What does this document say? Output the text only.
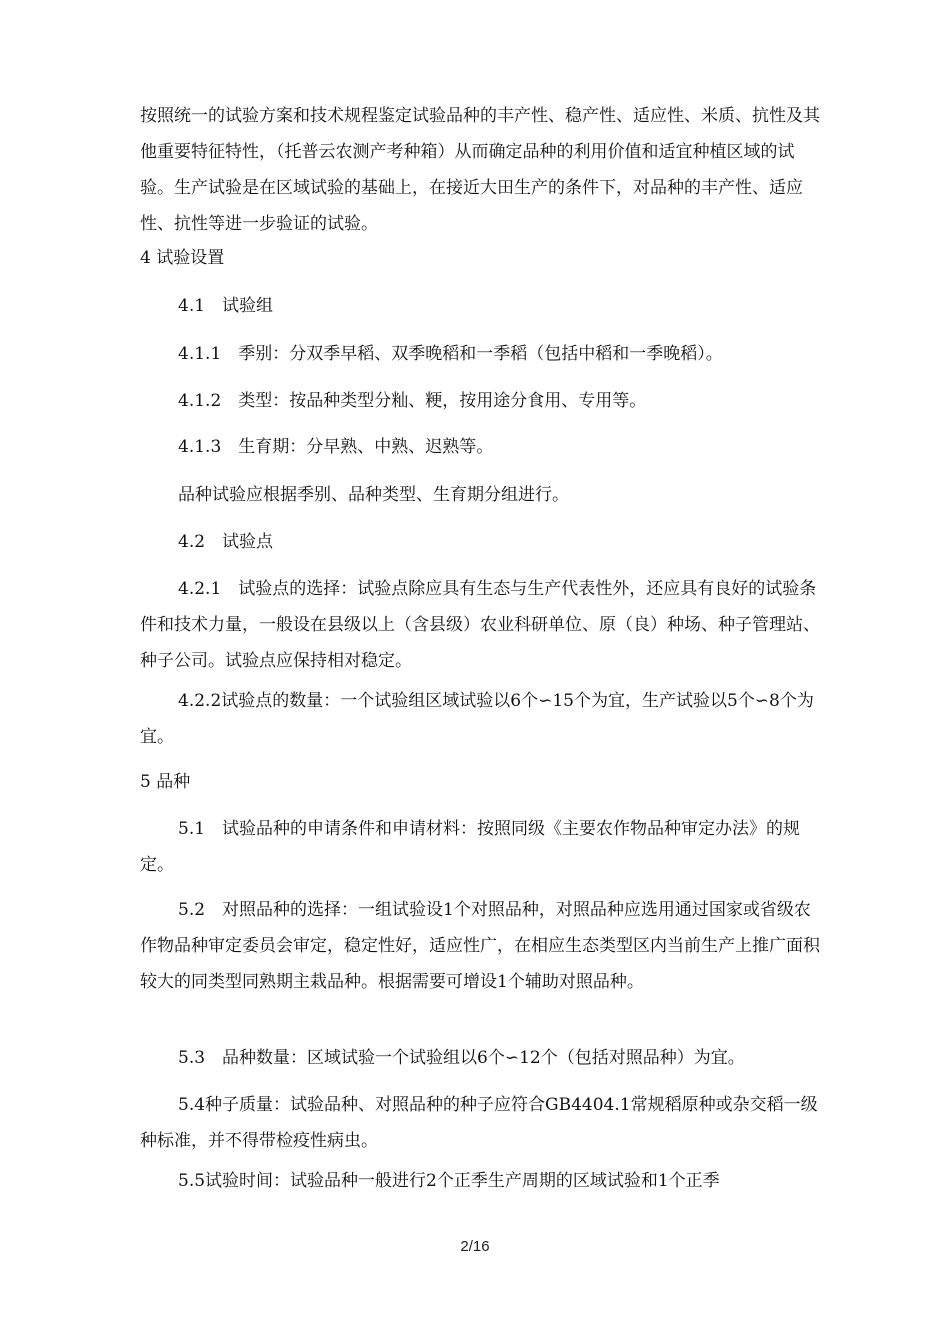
按照统一的试验方案和技术规程鉴定试验品种的丰产性、稳产性、适应性、米质、抗性及其他重要特征特性，（托普云农测产考种箱）从而确定品种的利用价值和适宜种植区域的试验。生产试验是在区域试验的基础上，在接近大田生产的条件下，对品种的丰产性、适应性、抗性等进一步验证的试验。

4 试验设置

4.1　试验组

4.1.1　季别：分双季早稻、双季晚稻和一季稻（包括中稻和一季晚稻）。

4.1.2　类型：按品种类型分籼、粳，按用途分食用、专用等。

4.1.3　生育期：分早熟、中熟、迟熟等。

品种试验应根据季别、品种类型、生育期分组进行。

4.2　试验点

4.2.1　试验点的选择：试验点除应具有生态与生产代表性外，还应具有良好的试验条件和技术力量，一般设在县级以上（含县级）农业科研单位、原（良）种场、种子管理站、种子公司。试验点应保持相对稳定。

4.2.2试验点的数量：一个试验组区域试验以6个∽15个为宜，生产试验以5个∽8个为宜。

5 品种

5.1　试验品种的申请条件和申请材料：按照同级《主要农作物品种审定办法》的规定。

5.2　对照品种的选择：一组试验设1个对照品种，对照品种应选用通过国家或省级农作物品种审定委员会审定，稳定性好，适应性广，在相应生态类型区内当前生产上推广面积较大的同类型同熟期主栽品种。根据需要可增设1个辅助对照品种。

5.3　品种数量：区域试验一个试验组以6个∽12个（包括对照品种）为宜。

5.4种子质量：试验品种、对照品种的种子应符合GB4404.1常规稻原种或杂交稻一级种标准，并不得带检疫性病虫。

5.5试验时间：试验品种一般进行2个正季生产周期的区域试验和1个正季

2/16
